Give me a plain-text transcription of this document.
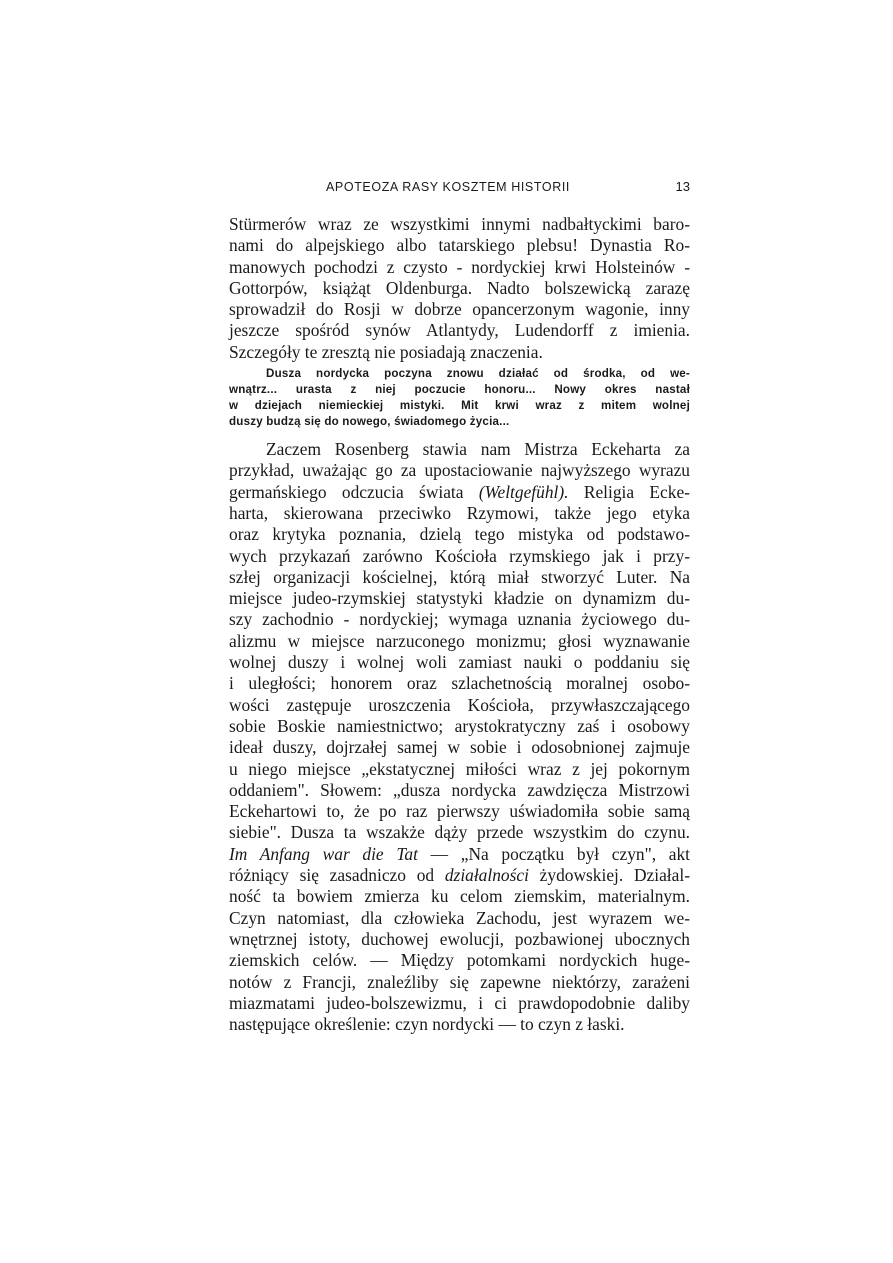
APOTEOZA RASY KOSZTEM HISTORII	13
Stürmerów wraz ze wszystkimi innymi nadbałtyckimi baro-
nami do alpejskiego albo tatarskiego plebsu! Dynastia Ro-
manowych pochodzi z czysto - nordyckiej krwi Holsteinów -
Gottorpów, książąt Oldenburga. Nadto bolszewicką zarazę
sprowadził do Rosji w dobrze opancerzonym wagonie, inny
jeszcze spośród synów Atlantydy, Ludendorff z imienia.
Szczegóły te zresztą nie posiadają znaczenia.
Dusza nordycka poczyna znowu działać od środka, od we-
wnątrz... urasta z niej poczucie honoru... Nowy okres nastał
w dziejach niemieckiej mistyki. Mit krwi wraz z mitem wolnej
duszy budzą się do nowego, świadomego życia...
Zaczem Rosenberg stawia nam Mistrza Eckeharta za
przykład, uważając go za upostaciowanie najwyższego wyrazu
germańskiego odczucia świata (Weltgefühl). Religia Ecke-
harta, skierowana przeciwko Rzymowi, także jego etyka
oraz krytyka poznania, dzielą tego mistyka od podstawo-
wych przykazań zarówno Kościoła rzymskiego jak i przy-
szłej organizacji kościelnej, którą miał stworzyć Luter. Na
miejsce judeo-rzymskiej statystyki kładzie on dynamizm du-
szy zachodnio - nordyckiej; wymaga uznania życiowego du-
alizmu w miejsce narzuconego monizmu; głosi wyznawanie
wolnej duszy i wolnej woli zamiast nauki o poddaniu się
i uległości; honorem oraz szlachetnością moralnej osobo-
wości zastępuje uroszczenia Kościoła, przywłaszczającego
sobie Boskie namiestnictwo; arystokratyczny zaś i osobowy
ideał duszy, dojrzałej samej w sobie i odosobnionej zajmuje
u niego miejsce „ekstatycznej miłości wraz z jej pokornym
oddaniem". Słowem: „dusza nordycka zawdzięcza Mistrzowi
Eckehartowi to, że po raz pierwszy uświadomiła sobie samą
siebie". Dusza ta wszakże dąży przede wszystkim do czynu.
Im Anfang war die Tat — „Na początku był czyn", akt
różniący się zasadniczo od działalności żydowskiej. Działal-
ność ta bowiem zmierza ku celom ziemskim, materialnym.
Czyn natomiast, dla człowieka Zachodu, jest wyrazem we-
wnętrznej istoty, duchowej ewolucji, pozbawionej ubocznych
ziemskich celów. — Między potomkami nordyckich huge-
notów z Francji, znaleźliby się zapewne niektórzy, zarażeni
miazmatami judeo-bolszewizmu, i ci prawdopodobnie daliby
następujące określenie: czyn nordycki — to czyn z łaski.
